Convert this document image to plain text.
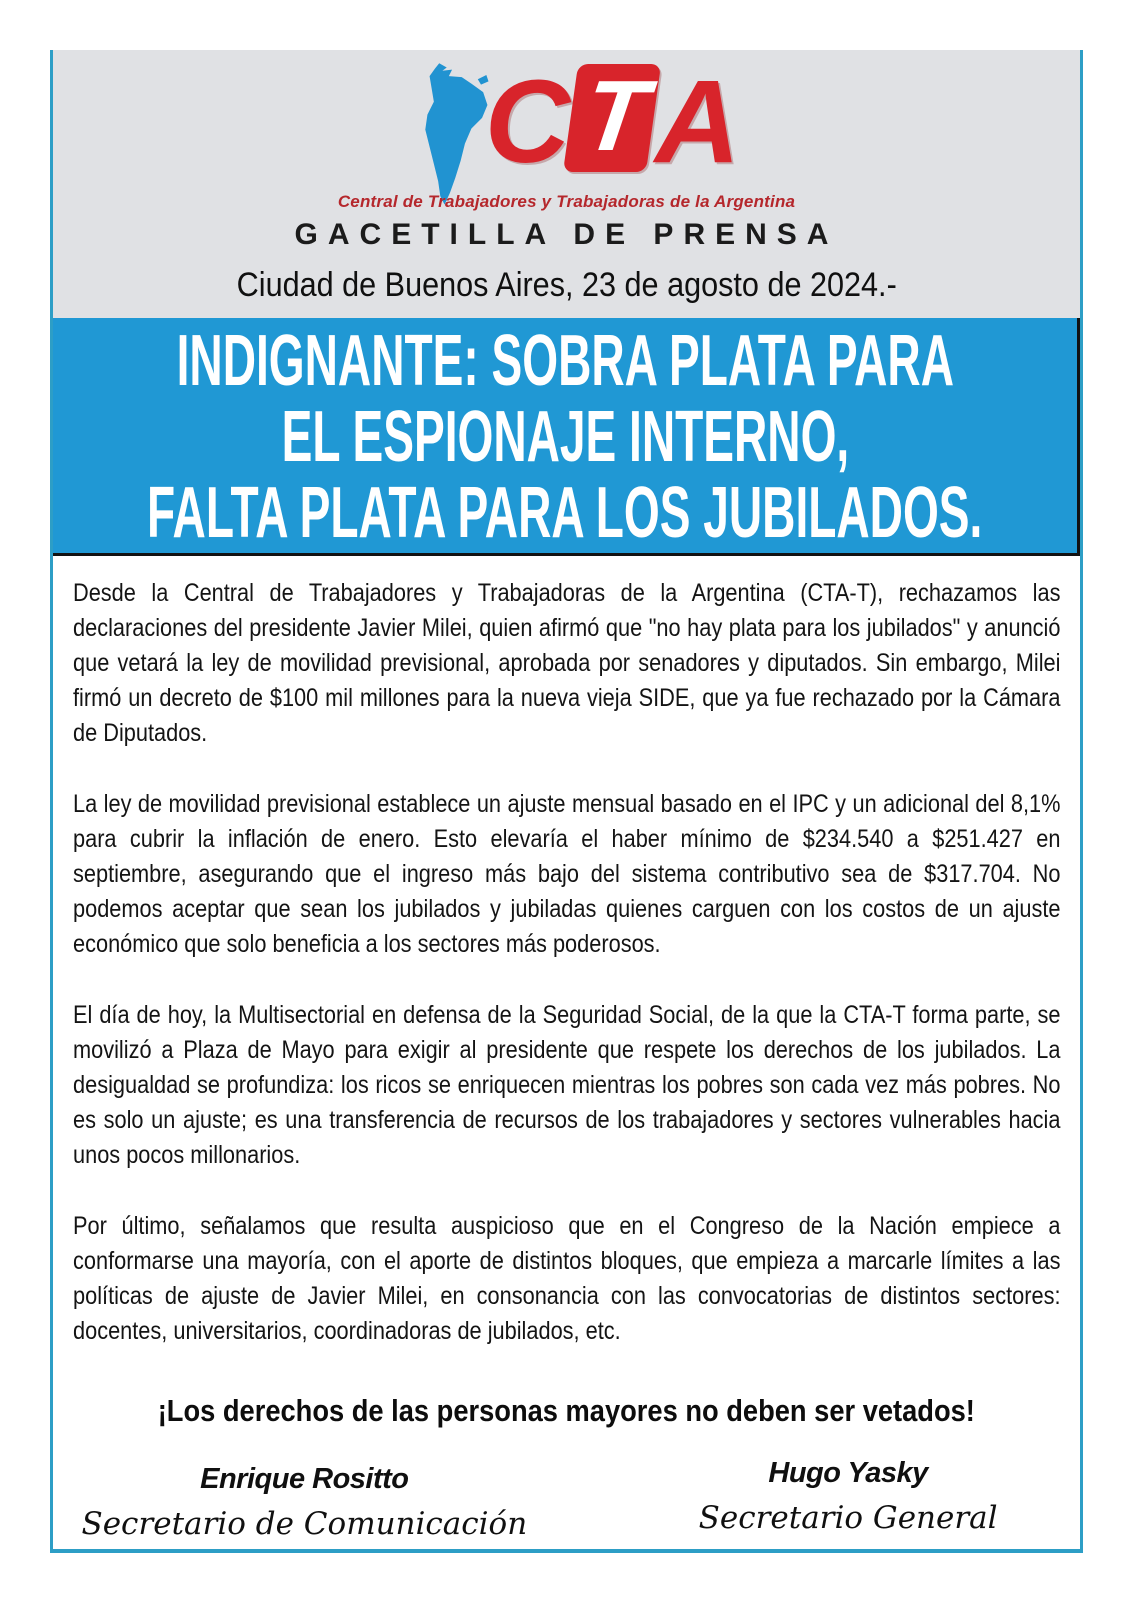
C T A
Central de Trabajadores y Trabajadoras de la Argentina
GACETILLA DE PRENSA
Ciudad de Buenos Aires, 23 de agosto de 2024.-
INDIGNANTE: SOBRA PLATA PARA
EL ESPIONAJE INTERNO,
FALTA PLATA PARA LOS JUBILADOS.

Desde la Central de Trabajadores y Trabajadoras de la Argentina (CTA-T), rechazamos las declaraciones del presidente Javier Milei, quien afirmó que "no hay plata para los jubilados" y anunció que vetará la ley de movilidad previsional, aprobada por senadores y diputados. Sin embargo, Milei firmó un decreto de $100 mil millones para la nueva vieja SIDE, que ya fue rechazado por la Cámara de Diputados.

La ley de movilidad previsional establece un ajuste mensual basado en el IPC y un adicional del 8,1% para cubrir la inflación de enero. Esto elevaría el haber mínimo de $234.540 a $251.427 en septiembre, asegurando que el ingreso más bajo del sistema contributivo sea de $317.704. No podemos aceptar que sean los jubilados y jubiladas quienes carguen con los costos de un ajuste económico que solo beneficia a los sectores más poderosos.

El día de hoy, la Multisectorial en defensa de la Seguridad Social, de la que la CTA-T forma parte, se movilizó a Plaza de Mayo para exigir al presidente que respete los derechos de los jubilados. La desigualdad se profundiza: los ricos se enriquecen mientras los pobres son cada vez más pobres. No es solo un ajuste; es una transferencia de recursos de los trabajadores y sectores vulnerables hacia unos pocos millonarios.

Por último, señalamos que resulta auspicioso que en el Congreso de la Nación empiece a conformarse una mayoría, con el aporte de distintos bloques, que empieza a marcarle límites a las políticas de ajuste de Javier Milei, en consonancia con las convocatorias de distintos sectores: docentes, universitarios, coordinadoras de jubilados, etc.

¡Los derechos de las personas mayores no deben ser vetados!
Enrique Rositto
Secretario de Comunicación
Hugo Yasky
Secretario General
